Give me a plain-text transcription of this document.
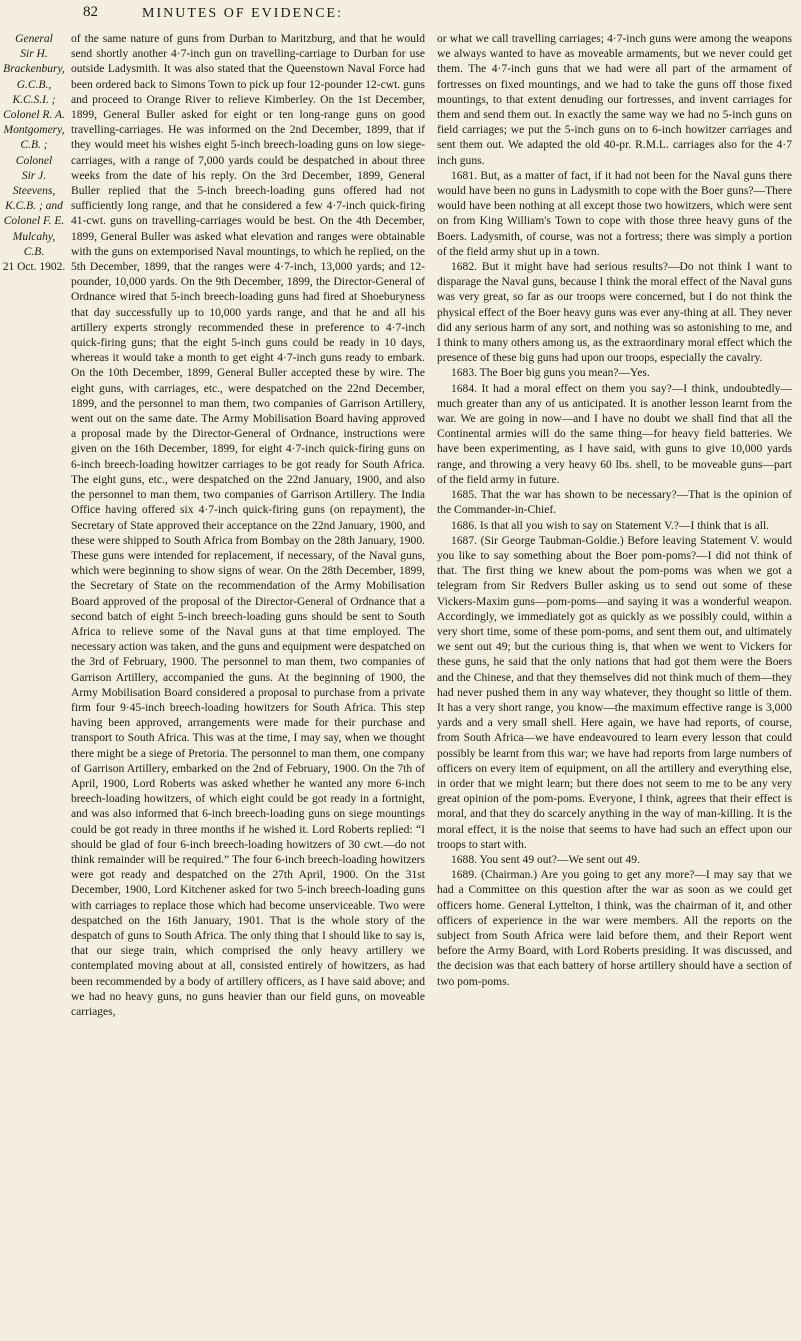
82	MINUTES OF EVIDENCE:
General
Sir H.
Brackenbury,
G.C.B.,
K.C.S.I. ;
Colonel R. A.
Montgomery,
C.B. ;
Colonel
Sir J.
Steevens,
K.C.B. ; and
Colonel F. E.
Mulcahy, C.B.
21 Oct. 1902.

of the same nature of guns from Durban to Maritzburg, and that he would send shortly another 4·7-inch gun on travelling-carriage to Durban for use outside Ladysmith. It was also stated that the Queenstown Naval Force had been ordered back to Simons Town to pick up four 12-pounder 12-cwt. guns and proceed to Orange River to relieve Kimberley. On the 1st December, 1899, General Buller asked for eight or ten long-range guns on good travelling-carriages. He was informed on the 2nd December, 1899, that if they would meet his wishes eight 5-inch breech-loading guns on low siege-carriages, with a range of 7,000 yards could be despatched in about three weeks from the date of his reply. On the 3rd December, 1899, General Buller replied that the 5-inch breech-loading guns offered had not sufficiently long range, and that he considered a few 4·7-inch quick-firing 41-cwt. guns on travelling-carriages would be best. On the 4th December, 1899, General Buller was asked what elevation and ranges were obtainable with the guns on extemporised Naval mountings, to which he replied, on the 5th December, 1899, that the ranges were 4·7-inch, 13,000 yards; and 12-pounder, 10,000 yards. On the 9th December, 1899, the Director-General of Ordnance wired that 5-inch breech-loading guns had fired at Shoeburyness that day successfully up to 10,000 yards range, and that he and all his artillery experts strongly recommended these in preference to 4·7-inch quick-firing guns; that the eight 5-inch guns could be ready in 10 days, whereas it would take a month to get eight 4·7-inch guns ready to embark. On the 10th December, 1899, General Buller accepted these by wire. The eight guns, with carriages, etc., were despatched on the 22nd December, 1899, and the personnel to man them, two companies of Garrison Artillery, went out on the same date. The Army Mobilisation Board having approved a proposal made by the Director-General of Ordnance, instructions were given on the 16th December, 1899, for eight 4·7-inch quick-firing guns on 6-inch breech-loading howitzer carriages to be got ready for South Africa. The eight guns, etc., were despatched on the 22nd January, 1900, and also the personnel to man them, two companies of Garrison Artillery. The India Office having offered six 4·7-inch quick-firing guns (on repayment), the Secretary of State approved their acceptance on the 22nd January, 1900, and these were shipped to South Africa from Bombay on the 28th January, 1900. These guns were intended for replacement, if necessary, of the Naval guns, which were beginning to show signs of wear. On the 28th December, 1899, the Secretary of State on the recommendation of the Army Mobilisation Board approved of the proposal of the Director-General of Ordnance that a second batch of eight 5-inch breech-loading guns should be sent to South Africa to relieve some of the Naval guns at that time employed. The necessary action was taken, and the guns and equipment were despatched on the 3rd of February, 1900. The personnel to man them, two companies of Garrison Artillery, accompanied the guns. At the beginning of 1900, the Army Mobilisation Board considered a proposal to purchase from a private firm four 9·45-inch breech-loading howitzers for South Africa. This step having been approved, arrangements were made for their purchase and transport to South Africa. This was at the time, I may say, when we thought there might be a siege of Pretoria. The personnel to man them, one company of Garrison Artillery, embarked on the 2nd of February, 1900. On the 7th of April, 1900, Lord Roberts was asked whether he wanted any more 6-inch breech-loading howitzers, of which eight could be got ready in a fortnight, and was also informed that 6-inch breech-loading guns on siege mountings could be got ready in three months if he wished it. Lord Roberts replied: “I should be glad of four 6-inch breech-loading howitzers of 30 cwt.—do not think remainder will be required.” The four 6-inch breech-loading howitzers were got ready and despatched on the 27th April, 1900. On the 31st December, 1900, Lord Kitchener asked for two 5-inch breech-loading guns with carriages to replace those which had become unserviceable. Two were despatched on the 16th January, 1901. That is the whole story of the despatch of guns to South Africa. The only thing that I should like to say is, that our siege train, which comprised the only heavy artillery we contemplated moving about at all, consisted entirely of howitzers, as had been recommended by a body of artillery officers, as I have said above; and we had no heavy guns, no guns heavier than our field guns, on moveable carriages,

or what we call travelling carriages; 4·7-inch guns were among the weapons we always wanted to have as moveable armaments, but we never could get them. The 4·7-inch guns that we had were all part of the armament of fortresses on fixed mountings, and we had to take the guns off those fixed mountings, to that extent denuding our fortresses, and invent carriages for them and send them out. In exactly the same way we had no 5-inch guns on field carriages; we put the 5-inch guns on to 6-inch howitzer carriages and sent them out. We adapted the old 40-pr. R.M.L. carriages also for the 4·7 inch guns.

1681. But, as a matter of fact, if it had not been for the Naval guns there would have been no guns in Ladysmith to cope with the Boer guns?—There would have been nothing at all except those two howitzers, which were sent on from King William's Town to cope with those three heavy guns of the Boers. Ladysmith, of course, was not a fortress; there was simply a portion of the field army shut up in a town.

1682. But it might have had serious results?—Do not think I want to disparage the Naval guns, because I think the moral effect of the Naval guns was very great, so far as our troops were concerned, but I do not think the physical effect of the Boer heavy guns was ever any-thing at all. They never did any serious harm of any sort, and nothing was so astonishing to me, and I think to many others among us, as the extraordinary moral effect which the presence of these big guns had upon our troops, especially the cavalry.

1683. The Boer big guns you mean?—Yes.

1684. It had a moral effect on them you say?—I think, undoubtedly—much greater than any of us anticipated. It is another lesson learnt from the war. We are going in now—and I have no doubt we shall find that all the Continental armies will do the same thing—for heavy field batteries. We have been experimenting, as I have said, with guns to give 10,000 yards range, and throwing a very heavy 60 lbs. shell, to be moveable guns—part of the field army in future.

1685. That the war has shown to be necessary?—That is the opinion of the Commander-in-Chief.

1686. Is that all you wish to say on Statement V.?—I think that is all.

1687. (Sir George Taubman-Goldie.) Before leaving Statement V. would you like to say something about the Boer pom-poms?—I did not think of that. The first thing we knew about the pom-poms was when we got a telegram from Sir Redvers Buller asking us to send out some of these Vickers-Maxim guns—pom-poms—and saying it was a wonderful weapon. Accordingly, we immediately got as quickly as we possibly could, within a very short time, some of these pom-poms, and sent them out, and ultimately we sent out 49; but the curious thing is, that when we went to Vickers for these guns, he said that the only nations that had got them were the Boers and the Chinese, and that they themselves did not think much of them—they had never pushed them in any way whatever, they thought so little of them. It has a very short range, you know—the maximum effective range is 3,000 yards and a very small shell. Here again, we have had reports, of course, from South Africa—we have endeavoured to learn every lesson that could possibly be learnt from this war; we have had reports from large numbers of officers on every item of equipment, on all the artillery and everything else, in order that we might learn; but there does not seem to me to be any very great opinion of the pom-poms. Everyone, I think, agrees that their effect is moral, and that they do scarcely anything in the way of man-killing. It is the moral effect, it is the noise that seems to have had such an effect upon our troops to start with.

1688. You sent 49 out?—We sent out 49.

1689. (Chairman.) Are you going to get any more?—I may say that we had a Committee on this question after the war as soon as we could get officers home. General Lyttelton, I think, was the chairman of it, and other officers of experience in the war were members. All the reports on the subject from South Africa were laid before them, and their Report went before the Army Board, with Lord Roberts presiding. It was discussed, and the decision was that each battery of horse artillery should have a section of two pom-poms.
